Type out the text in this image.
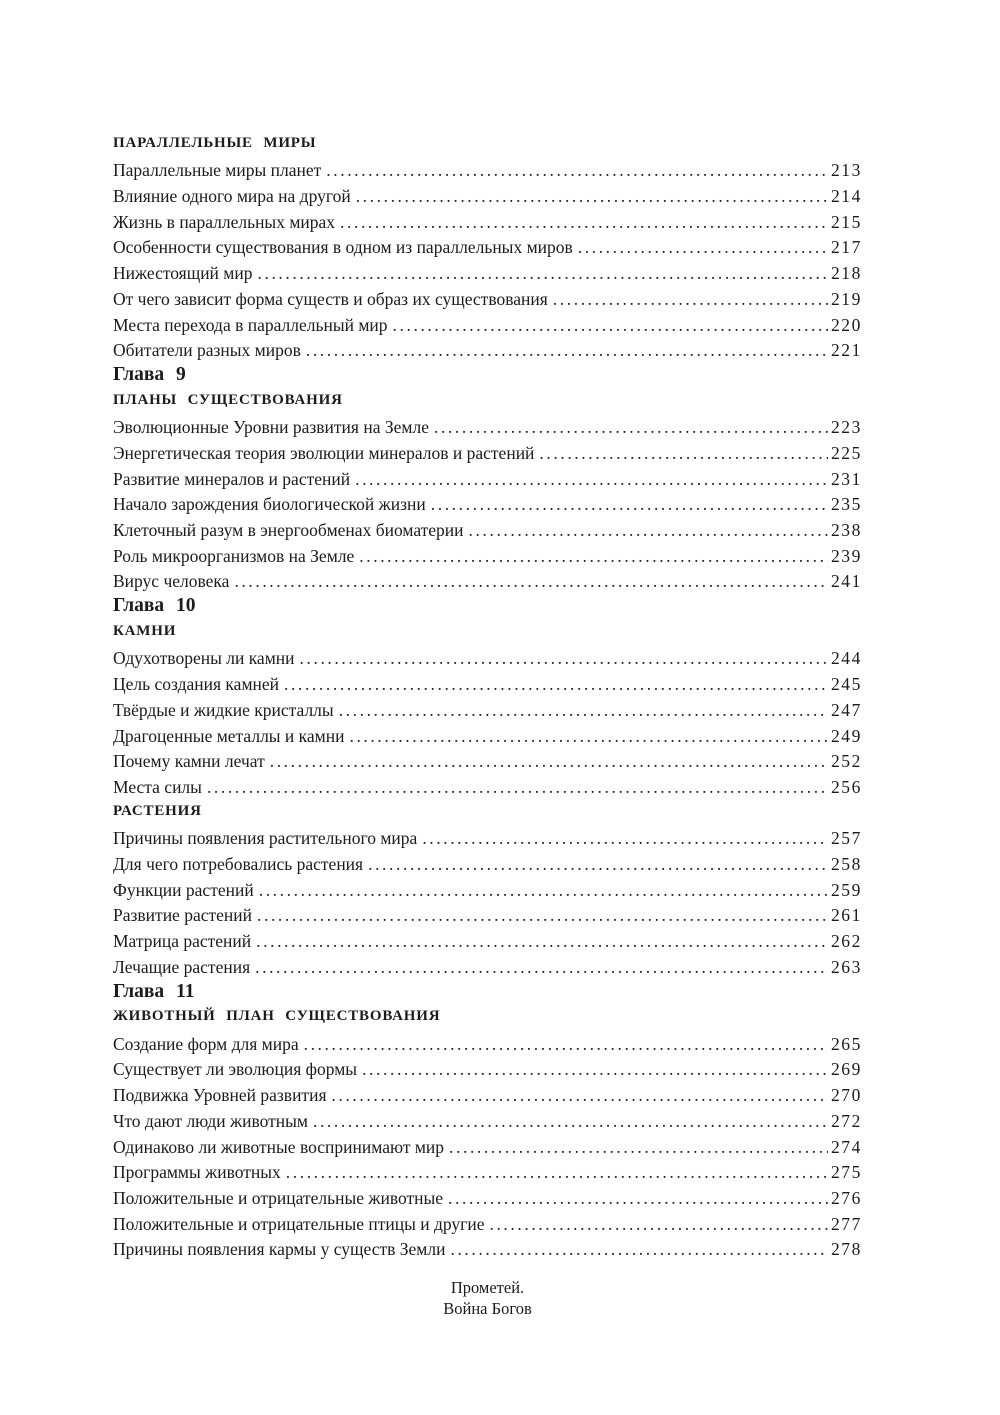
ПАРАЛЛЕЛЬНЫЕ МИРЫ
Параллельные миры планет .....	213
Влияние одного мира на другой .....	214
Жизнь в параллельных мирах .....	215
Особенности существования в одном из параллельных миров .....	217
Нижестоящий мир .....	218
От чего зависит форма существ и образ их существования .....	219
Места перехода в параллельный мир .....	220
Обитатели разных миров .....	221
Глава 9
ПЛАНЫ СУЩЕСТВОВАНИЯ
Эволюционные Уровни развития на Земле .....	223
Энергетическая теория эволюции минералов и растений .....	225
Развитие минералов и растений .....	231
Начало зарождения биологической жизни .....	235
Клеточный разум в энергообменах биоматерии .....	238
Роль микроорганизмов на Земле .....	239
Вирус человека .....	241
Глава 10
КАМНИ
Одухотворены ли камни .....	244
Цель создания камней .....	245
Твёрдые и жидкие кристаллы .....	247
Драгоценные металлы и камни .....	249
Почему камни лечат .....	252
Места силы .....	256
РАСТЕНИЯ
Причины появления растительного мира .....	257
Для чего потребовались растения .....	258
Функции растений .....	259
Развитие растений .....	261
Матрица растений .....	262
Лечащие растения .....	263
Глава 11
ЖИВОТНЫЙ ПЛАН СУЩЕСТВОВАНИЯ
Создание форм для мира .....	265
Существует ли эволюция формы .....	269
Подвижка Уровней развития .....	270
Что дают люди животным .....	272
Одинаково ли животные воспринимают мир .....	274
Программы животных .....	275
Положительные и отрицательные животные .....	276
Положительные и отрицательные птицы и другие .....	277
Причины появления кармы у существ Земли .....	278
Прометей.
Война Богов
